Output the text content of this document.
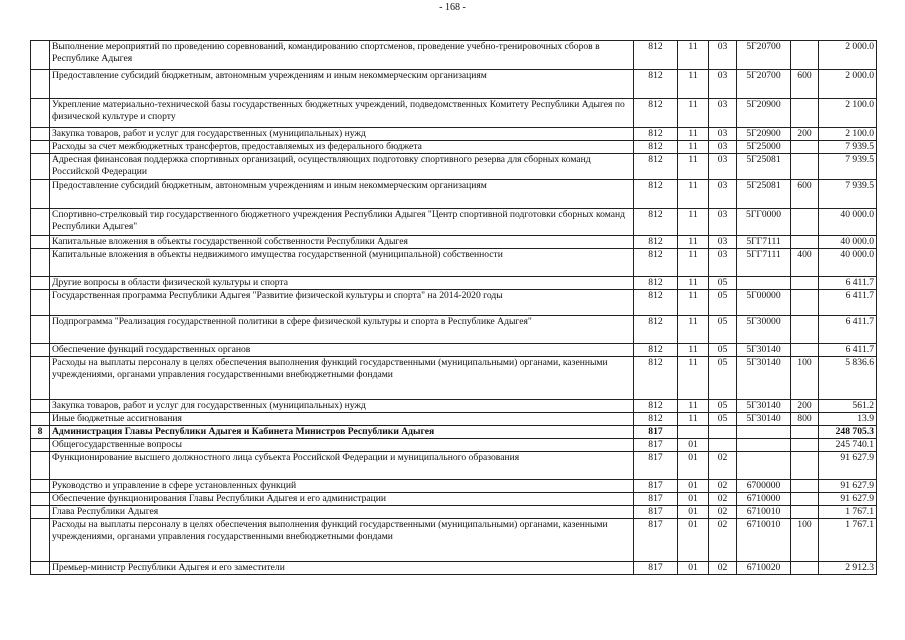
- 168 -
	Выполнение мероприятий по проведению соревнований, командированию спортсменов, проведение учебно-тренировочных сборов в Республике Адыгея	812	11	03	5Г20700		2 000.0
	Предоставление субсидий бюджетным, автономным учреждениям и иным некоммерческим организациям	812	11	03	5Г20700	600	2 000.0
	Укрепление материально-технической базы государственных бюджетных учреждений, подведомственных Комитету Республики Адыгея по физической культуре и спорту	812	11	03	5Г20900		2 100.0
	Закупка товаров, работ и услуг для государственных (муниципальных) нужд	812	11	03	5Г20900	200	2 100.0
	Расходы за счет межбюджетных трансфертов, предоставляемых из федерального бюджета	812	11	03	5Г25000		7 939.5
	Адресная финансовая поддержка спортивных организаций, осуществляющих подготовку спортивного резерва для сборных команд Российской Федерации	812	11	03	5Г25081		7 939.5
	Предоставление субсидий бюджетным, автономным учреждениям и иным некоммерческим организациям	812	11	03	5Г25081	600	7 939.5
	Спортивно-стрелковый тир государственного бюджетного учреждения Республики Адыгея "Центр спортивной подготовки сборных команд Республики Адыгея"	812	11	03	5ГГ0000		40 000.0
	Капитальные вложения в объекты государственной собственности Республики Адыгея	812	11	03	5ГГ7111		40 000.0
	Капитальные вложения в объекты недвижимого имущества государственной (муниципальной) собственности	812	11	03	5ГГ7111	400	40 000.0
	Другие вопросы в области физической культуры и спорта	812	11	05			6 411.7
	Государственная программа Республики Адыгея "Развитие физической культуры и спорта" на 2014-2020 годы	812	11	05	5Г00000		6 411.7
	Подпрограмма "Реализация государственной политики в сфере физической культуры и спорта в Республике Адыгея"	812	11	05	5Г30000		6 411.7
	Обеспечение функций государственных органов	812	11	05	5Г30140		6 411.7
	Расходы на выплаты персоналу в целях обеспечения выполнения функций государственными (муниципальными) органами, казенными учреждениями, органами управления государственными внебюджетными фондами	812	11	05	5Г30140	100	5 836.6
	Закупка товаров, работ и услуг для государственных (муниципальных) нужд	812	11	05	5Г30140	200	561.2
	Иные бюджетные ассигнования	812	11	05	5Г30140	800	13.9
8	Администрация Главы Республики Адыгея и Кабинета Министров Республики Адыгея	817					248 705.3
	Общегосударственные вопросы	817	01				245 740.1
	Функционирование высшего должностного лица субъекта Российской Федерации и муниципального образования	817	01	02			91 627.9
	Руководство и управление в сфере установленных функций	817	01	02	6700000		91 627.9
	Обеспечение функционирования Главы Республики Адыгея и его администрации	817	01	02	6710000		91 627.9
	Глава Республики Адыгея	817	01	02	6710010		1 767.1
	Расходы на выплаты персоналу в целях обеспечения выполнения функций государственными (муниципальными) органами, казенными учреждениями, органами управления государственными внебюджетными фондами	817	01	02	6710010	100	1 767.1
	Премьер-министр Республики Адыгея и его заместители	817	01	02	6710020		2 912.3
